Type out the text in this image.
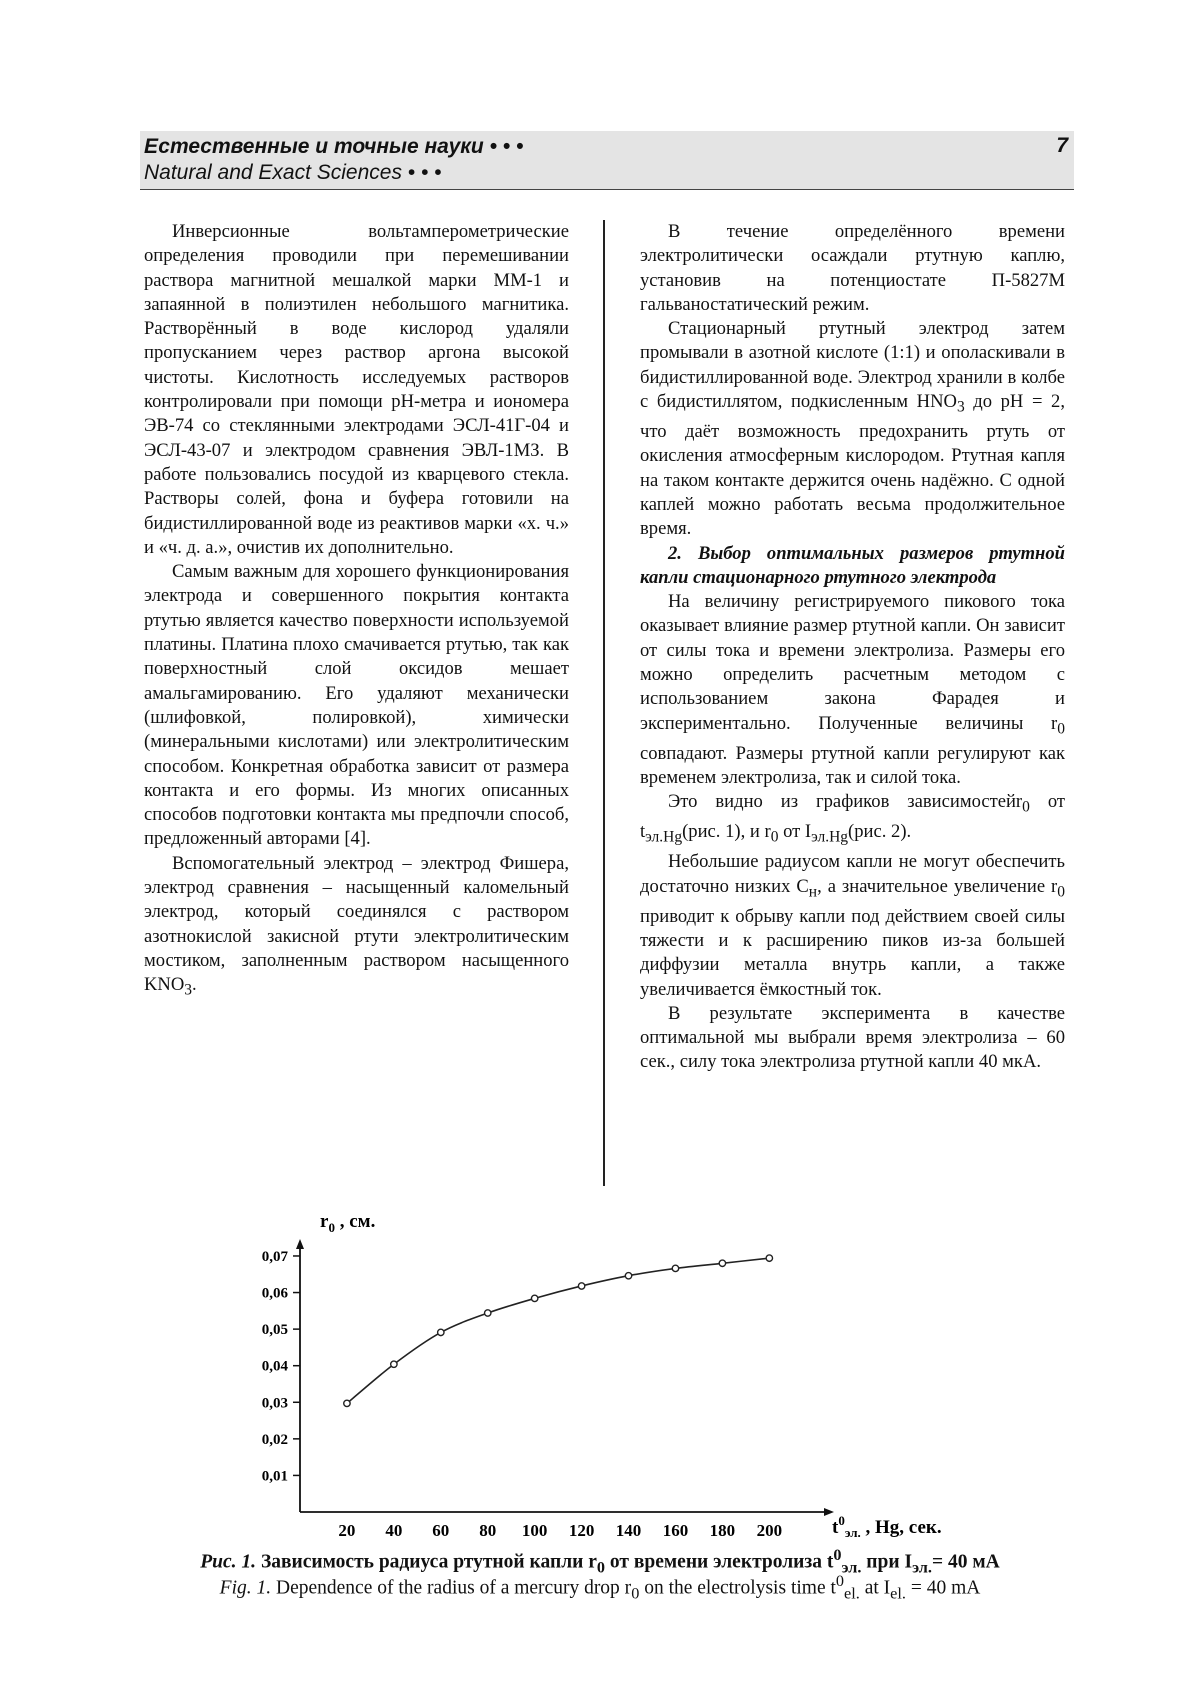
Естественные и точные науки • • •
Natural and Exact Sciences • • •
7

Инверсионные вольтамперометрические определения проводили при перемешивании раствора магнитной мешалкой марки ММ-1 и запаянной в полиэтилен небольшого магнитика. Растворённый в воде кислород удаляли пропусканием через раствор аргона высокой чистоты. Кислотность исследуемых растворов контролировали при помощи pH-метра и иономера ЭВ-74 со стеклянными электродами ЭСЛ-41Г-04 и ЭСЛ-43-07 и электродом сравнения ЭВЛ-1МЗ. В работе пользовались посудой из кварцевого стекла. Растворы солей, фона и буфера готовили на бидистиллированной воде из реактивов марки «х. ч.» и «ч. д. а.», очистив их дополнительно.

Самым важным для хорошего функционирования электрода и совершенного покрытия контакта ртутью является качество поверхности используемой платины. Платина плохо смачивается ртутью, так как поверхностный слой оксидов мешает амальгамированию. Его удаляют механически (шлифовкой, полировкой), химически (минеральными кислотами) или электролитическим способом. Конкретная обработка зависит от размера контакта и его формы. Из многих описанных способов подготовки контакта мы предпочли способ, предложенный авторами [4].

Вспомогательный электрод – электрод Фишера, электрод сравнения – насыщенный каломельный электрод, который соединялся с раствором азотнокислой закисной ртути электролитическим мостиком, заполненным раствором насыщенного $KNO_3$.

В течение определённого времени электролитически осаждали ртутную каплю, установив на потенциостате П-5827М гальваностатический режим.

Стационарный ртутный электрод затем промывали в азотной кислоте (1:1) и ополаскивали в бидистиллированной воде. Электрод хранили в колбе с бидистиллятом, подкисленным $HNO_3$ до pH = 2, что даёт возможность предохранить ртуть от окисления атмосферным кислородом. Ртутная капля на таком контакте держится очень надёжно. С одной каплей можно работать весьма продолжительное время.

2. Выбор оптимальных размеров ртутной капли стационарного ртутного электрода

На величину регистрируемого пикового тока оказывает влияние размер ртутной капли. Он зависит от силы тока и времени электролиза. Размеры его можно определить расчетным методом с использованием закона Фарадея и экспериментально. Полученные величины $r_0$ совпадают. Размеры ртутной капли регулируют как временем электролиза, так и силой тока.

Это видно из графиков зависимостейr$_0$ от $t_{эл.Hg}(рис$. 1), и $r_0$ от $I_{эл.Hg}(рис$. 2).

Небольшие радиусом капли не могут обеспечить достаточно низких $С_н$, а значительное увеличение $r_0$ приводит к обрыву капли под действием своей силы тяжести и к расширению пиков из-за большей диффузии металла внутрь капли, а также увеличивается ёмкостный ток.

В результате эксперимента в качестве оптимальной мы выбрали время электролиза – 60 сек., силу тока электролиза ртутной капли 40 мкА.

$r_0$ , см.
0,01
0,02
0,03
0,04
0,05
0,06
0,07
20 40 60 80 100 120 140 160 180 200	$t^0_{эл.}$ , Hg, сек.
Рис. 1. Зависимость радиуса ртутной капли $r_0$ от времени электролиза $t^0_{эл.}$ при $I_{эл.}= 40$ мА
Fig. 1. Dependence of the radius of a mercury drop $r_0$ on the electrolysis time $t^0_{el.}$ at $I_{el.} = 40$ mA
